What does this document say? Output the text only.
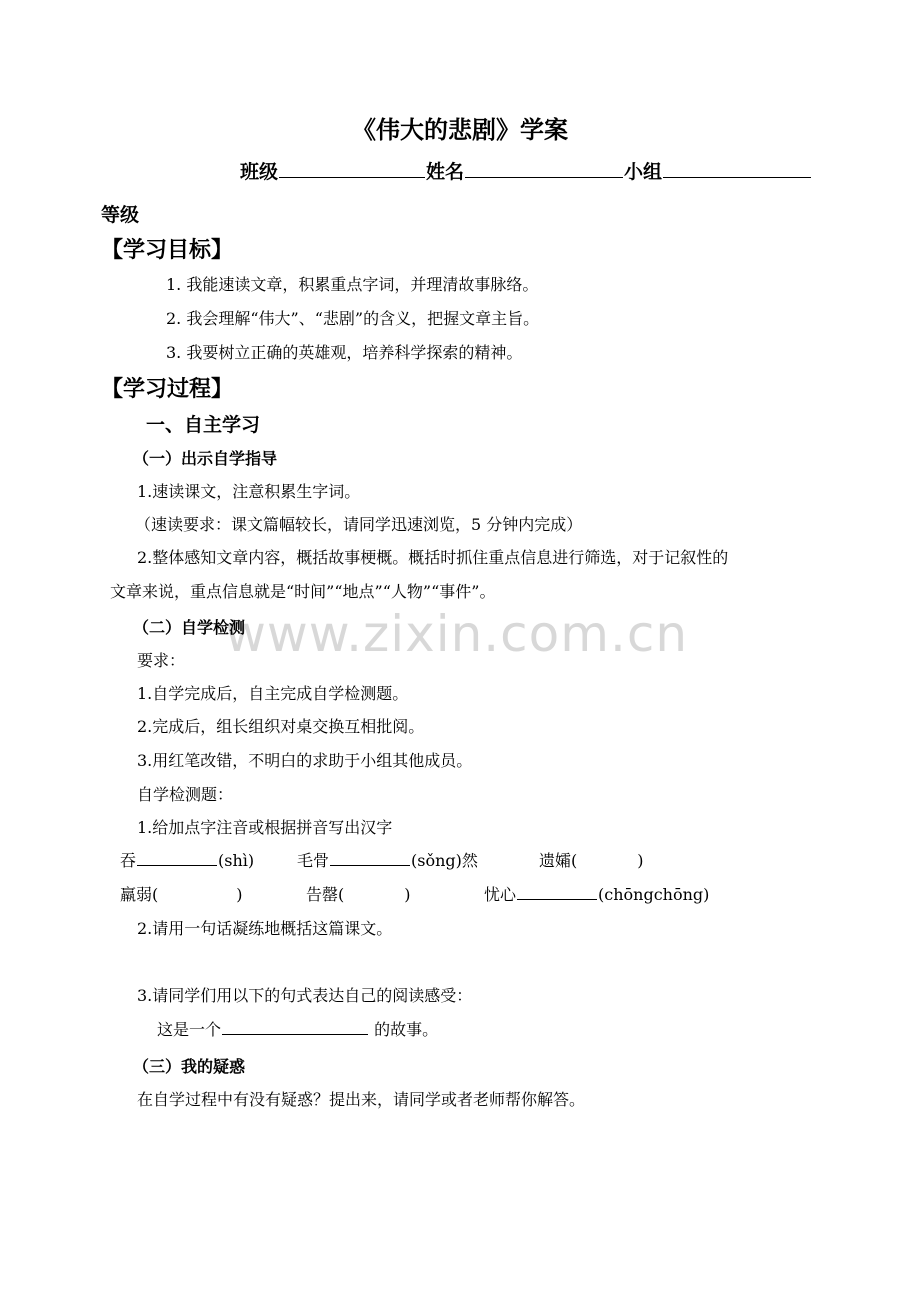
www.zixin.com.cn
《伟大的悲剧》学案
班级	姓名	小组
等级
【学习目标】
1. 我能速读文章，积累重点字词，并理清故事脉络。
2. 我会理解“伟大”、“悲剧”的含义，把握文章主旨。
3. 我要树立正确的英雄观，培养科学探索的精神。
【学习过程】
一、自主学习
（一）出示自学指导
1.速读课文，注意积累生字词。
（速读要求：课文篇幅较长，请同学迅速浏览，5 分钟内完成）
2.整体感知文章内容，概括故事梗概。概括时抓住重点信息进行筛选，对于记叙性的
文章来说，重点信息就是“时间”“地点”“人物”“事件”。
（二）自学检测
要求：
1.自学完成后，自主完成自学检测题。
2.完成后，组长组织对桌交换互相批阅。
3.用红笔改错，不明白的求助于小组其他成员。
自学检测题：
1.给加点字注音或根据拼音写出汉字
吞	(shì)	毛骨	(sǒng)然	遗孀(	)
羸弱(	)	告罄(	)	忧心	(chōngchōng)
2.请用一句话凝练地概括这篇课文。
3.请同学们用以下的句式表达自己的阅读感受：
这是一个	的故事。
（三）我的疑惑
在自学过程中有没有疑惑？提出来，请同学或者老师帮你解答。
